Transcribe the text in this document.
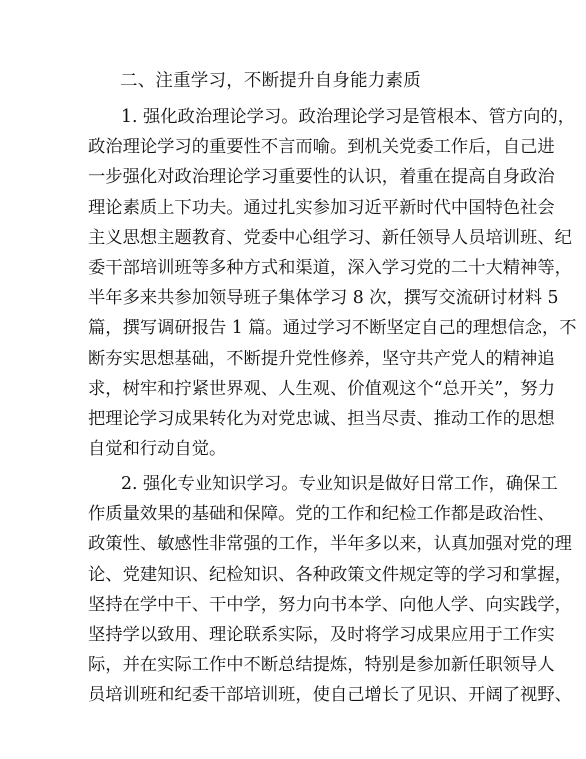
二、注重学习，不断提升自身能力素质
1. 强化政治理论学习。政治理论学习是管根本、管方向的，
政治理论学习的重要性不言而喻。到机关党委工作后，自己进
一步强化对政治理论学习重要性的认识，着重在提高自身政治
理论素质上下功夫。通过扎实参加习近平新时代中国特色社会
主义思想主题教育、党委中心组学习、新任领导人员培训班、纪
委干部培训班等多种方式和渠道，深入学习党的二十大精神等，
半年多来共参加领导班子集体学习 8 次，撰写交流研讨材料 5
篇，撰写调研报告 1 篇。通过学习不断坚定自己的理想信念，不
断夯实思想基础，不断提升党性修养，坚守共产党人的精神追
求，树牢和拧紧世界观、人生观、价值观这个“总开关”，努力
把理论学习成果转化为对党忠诚、担当尽责、推动工作的思想
自觉和行动自觉。
2. 强化专业知识学习。专业知识是做好日常工作，确保工
作质量效果的基础和保障。党的工作和纪检工作都是政治性、
政策性、敏感性非常强的工作，半年多以来，认真加强对党的理
论、党建知识、纪检知识、各种政策文件规定等的学习和掌握，
坚持在学中干、干中学，努力向书本学、向他人学、向实践学，
坚持学以致用、理论联系实际，及时将学习成果应用于工作实
际，并在实际工作中不断总结提炼，特别是参加新任职领导人
员培训班和纪委干部培训班，使自己增长了见识、开阔了视野、
